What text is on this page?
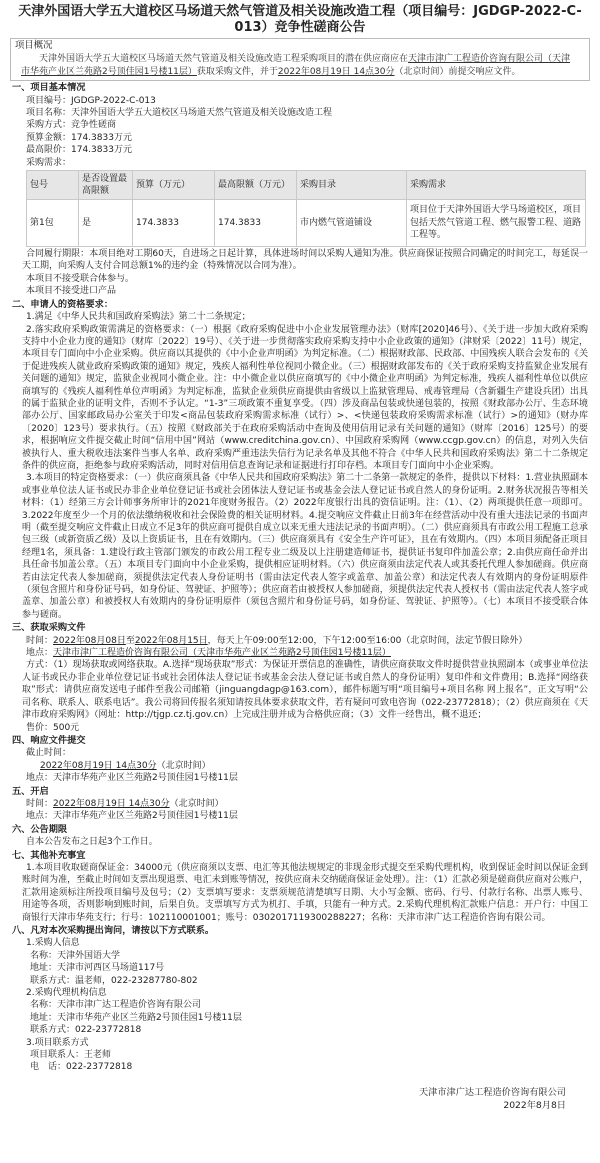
天津外国语大学五大道校区马场道天然气管道及相关设施改造工程（项目编号：JGDGP-2022-C-013）竞争性磋商公告
项目概况
天津外国语大学五大道校区马场道天然气管道及相关设施改造工程采购项目的潜在供应商应在天津市津广工程造价咨询有限公司（天津市华苑产业区兰苑路2号顶佳园1号楼11层）获取采购文件，并于2022年08月19日 14点30分（北京时间）前提交响应文件。
一、项目基本情况
项目编号：JGDGP-2022-C-013
项目名称：天津外国语大学五大道校区马场道天然气管道及相关设施改造工程
采购方式：竞争性磋商
预算金额：174.3833万元
最高限价：174.3833万元
采购需求：
包号	是否设置最高限额	预算（万元）	最高限额（万元）	采购目录	采购需求
第1包	是	174.3833	174.3833	市内燃气管道铺设	项目位于天津外国语大学马场道校区，项目包括天然气管道工程、燃气报警工程、道路工程等。
合同履行期限：本项目绝对工期60天，自进场之日起计算，具体进场时间以采购人通知为准。供应商保证按照合同确定的时间完工，每延误一天工期，向采购人支付合同总额1%的违约金（特殊情况以合同为准）。
本项目不接受联合体参与。
本项目不接受进口产品
二、申请人的资格要求：
1.满足《中华人民共和国政府采购法》第二十二条规定；
2.落实政府采购政策需满足的资格要求：（一）根据《政府采购促进中小企业发展管理办法》（财库[2020]46号）、《关于进一步加大政府采购支持中小企业力度的通知》（财库〔2022〕19号）、《关于进一步贯彻落实政府采购支持中小企业政策的通知》（津财采〔2022〕11号）规定，本项目专门面向中小企业采购。供应商以其提供的《中小企业声明函》为判定标准。（二）根据财政部、民政部、中国残疾人联合会发布的《关于促进残疾人就业政府采购政策的通知》规定，残疾人福利性单位视同小微企业。（三）根据财政部发布的《关于政府采购支持监狱企业发展有关问题的通知》规定，监狱企业视同小微企业。注：中小微企业以供应商填写的《中小微企业声明函》为判定标准，残疾人福利性单位以供应商填写的《残疾人福利性单位声明函》为判定标准，监狱企业须供应商提供由省级以上监狱管理局、戒毒管理局（含新疆生产建设兵团）出具的属于监狱企业的证明文件，否则不予认定。“1-3”三项政策不重复享受。（四）涉及商品包装或快递包装的，按照《财政部办公厅、生态环境部办公厅、国家邮政局办公室关于印发<商品包装政府采购需求标准（试行）>、<快递包装政府采购需求标准（试行）>的通知》（财办库〔2020〕123号）要求执行。（五）按照《财政部关于在政府采购活动中查询及使用信用记录有关问题的通知》（财库〔2016〕125号）的要求，根据响应文件提交截止时间“信用中国”网站（www.creditchina.gov.cn）、中国政府采购网（www.ccgp.gov.cn）的信息，对列入失信被执行人、重大税收违法案件当事人名单、政府采购严重违法失信行为记录名单及其他不符合《中华人民共和国政府采购法》第二十二条规定条件的供应商，拒绝参与政府采购活动，同时对信用信息查询记录和证据进行打印存档。本项目专门面向中小企业采购。
3.本项目的特定资格要求：（一）供应商须具备《中华人民共和国政府采购法》第二十二条第一款规定的条件，提供以下材料：1.营业执照副本或事业单位法人证书或民办非企业单位登记证书或社会团体法人登记证书或基金会法人登记证书或自然人的身份证明。2.财务状况报告等相关材料：（1）经第三方会计师事务所审计的2021年度财务报告。（2）2022年度银行出具的资信证明。注：（1）、（2）两项提供任意一项即可。3.2022年度至少一个月的依法缴纳税收和社会保险费的相关证明材料。4.提交响应文件截止日前3年在经营活动中没有重大违法记录的书面声明（截至提交响应文件截止日成立不足3年的供应商可提供自成立以来无重大违法记录的书面声明）。（二）供应商须具有市政公用工程施工总承包三级（或新资质乙级）及以上资质证书，且在有效期内。（三）供应商须具有《安全生产许可证》，且在有效期内。（四）本项目须配备正项目经理1名，须具备：1.建设行政主管部门颁发的市政公用工程专业二级及以上注册建造师证书，提供证书复印件加盖公章；2.由供应商任命并出具任命书加盖公章。（五）本项目专门面向中小企业采购，提供相应证明材料。（六）供应商须由法定代表人或其委托代理人参加磋商。供应商若由法定代表人参加磋商，须提供法定代表人身份证明书（需由法定代表人签字或盖章、加盖公章）和法定代表人有效期内的身份证明原件（须包含照片和身份证号码，如身份证、驾驶证、护照等）；供应商若由被授权人参加磋商，须提供法定代表人授权书（需由法定代表人签字或盖章、加盖公章）和被授权人有效期内的身份证明原件（须包含照片和身份证号码，如身份证、驾驶证、护照等）。（七）本项目不接受联合体参与磋商。
三、获取采购文件
时间：2022年08月08日至2022年08月15日，每天上午09:00至12:00，下午12:00至16:00（北京时间，法定节假日除外）
地点：天津市津广工程造价咨询有限公司（天津市华苑产业区兰苑路2号顶佳园1号楼11层）
方式：（1）现场获取或网络获取。A.选择“现场获取”形式：为保证开票信息的准确性，请供应商获取文件时提供营业执照副本（或事业单位法人证书或民办非企业单位登记证书或社会团体法人登记证书或基金会法人登记证书或自然人的身份证明）复印件和文件费用；B.选择“网络获取”形式：请供应商发送电子邮件至我公司邮箱（jinguangdagp@163.com），邮件标题写明“项目编号+项目名称 网上报名”，正文写明“公司名称、联系人、联系电话”。我公司将回传报名须知请按具体要求获取文件，若有疑问可致电咨询（022-23772818）；（2）供应商须在《天津市政府采购网》（网址：http://tjgp.cz.tj.gov.cn）上完成注册并成为合格供应商；（3）文件一经售出，概不退还；
售价：500元
四、响应文件提交
截止时间：
2022年08月19日 14点30分（北京时间）
地点：天津市华苑产业区兰苑路2号顶佳园1号楼11层
五、开启
时间：2022年08月19日 14点30分（北京时间）
地点：天津市华苑产业区兰苑路2号顶佳园1号楼11层
六、公告期限
自本公告发布之日起3个工作日。
七、其他补充事宜
1.本项目收取磋商保证金：34000元（供应商须以支票、电汇等其他法规规定的非现金形式提交至采购代理机构，收到保证金时间以保证金到账时间为准，至截止时间如支票出现退票、电汇未到账等情况，按供应商未交纳磋商保证金处理）。注：（1）汇款必须是磋商供应商对公账户，汇款用途须标注所投项目编号及包号；（2）支票填写要求：支票须规范清楚填写日期、大小写金额、密码、行号、付款行名称、出票人账号、用途等各项，否则影响到账时间，后果自负。支票填写方式为机打、手填，只能有一种方式。2.采购代理机构汇款账户信息：开户行：中国工商银行天津市华苑支行；行号：102110001001；账号：0302017119300288227；名称：天津市津广达工程造价咨询有限公司。
八、凡对本次采购提出询问，请按以下方式联系。
1.采购人信息
名称：天津外国语大学
地址：天津市河西区马场道117号
联系方式：温老师，022-23287780-802
2.采购代理机构信息
名称：天津市津广达工程造价咨询有限公司
地址：天津市华苑产业区兰苑路2号顶佳园1号楼11层
联系方式：022-23772818
3.项目联系方式
项目联系人：王老师
电　话：022-23772818
天津市津广达工程造价咨询有限公司
2022年8月8日
